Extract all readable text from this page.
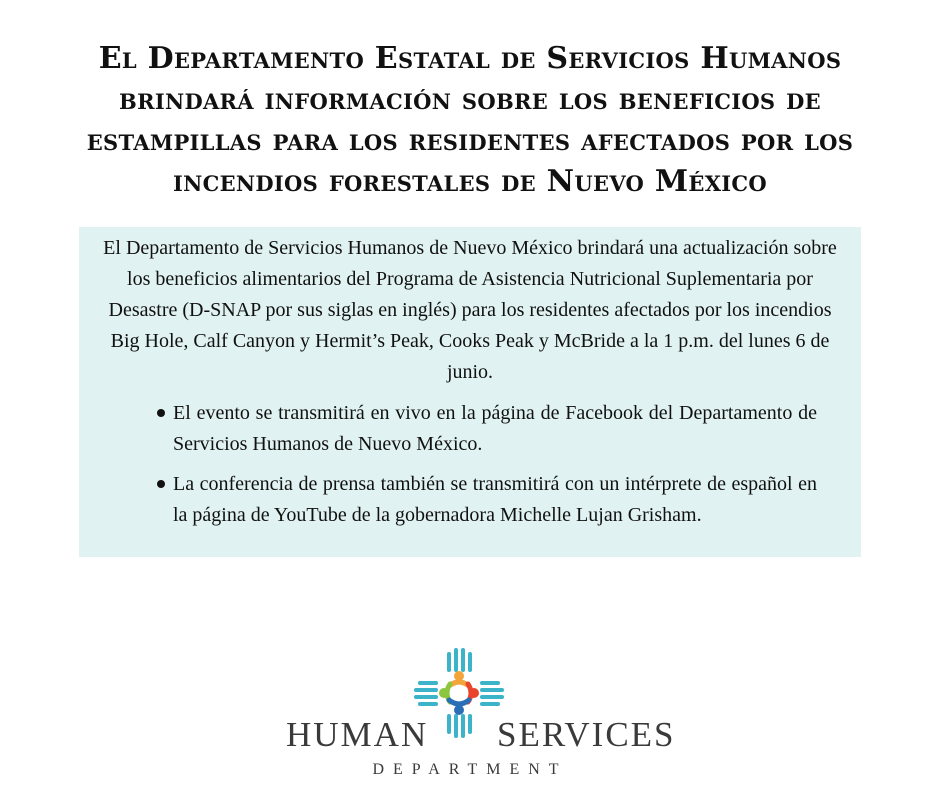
El Departamento Estatal de Servicios Humanos brindará información sobre los beneficios de estampillas para los residentes afectados por los incendios forestales de Nuevo México

El Departamento de Servicios Humanos de Nuevo México brindará una actualización sobre los beneficios alimentarios del Programa de Asistencia Nutricional Suplementaria por Desastre (D-SNAP por sus siglas en inglés) para los residentes afectados por los incendios Big Hole, Calf Canyon y Hermit’s Peak, Cooks Peak y McBride a la 1 p.m. del lunes 6 de junio.

El evento se transmitirá en vivo en la página de Facebook del Departamento de Servicios Humanos de Nuevo México.
La conferencia de prensa también se transmitirá con un intérprete de español en la página de YouTube de la gobernadora Michelle Lujan Grisham.
HUMAN SERVICES
DEPARTMENT
